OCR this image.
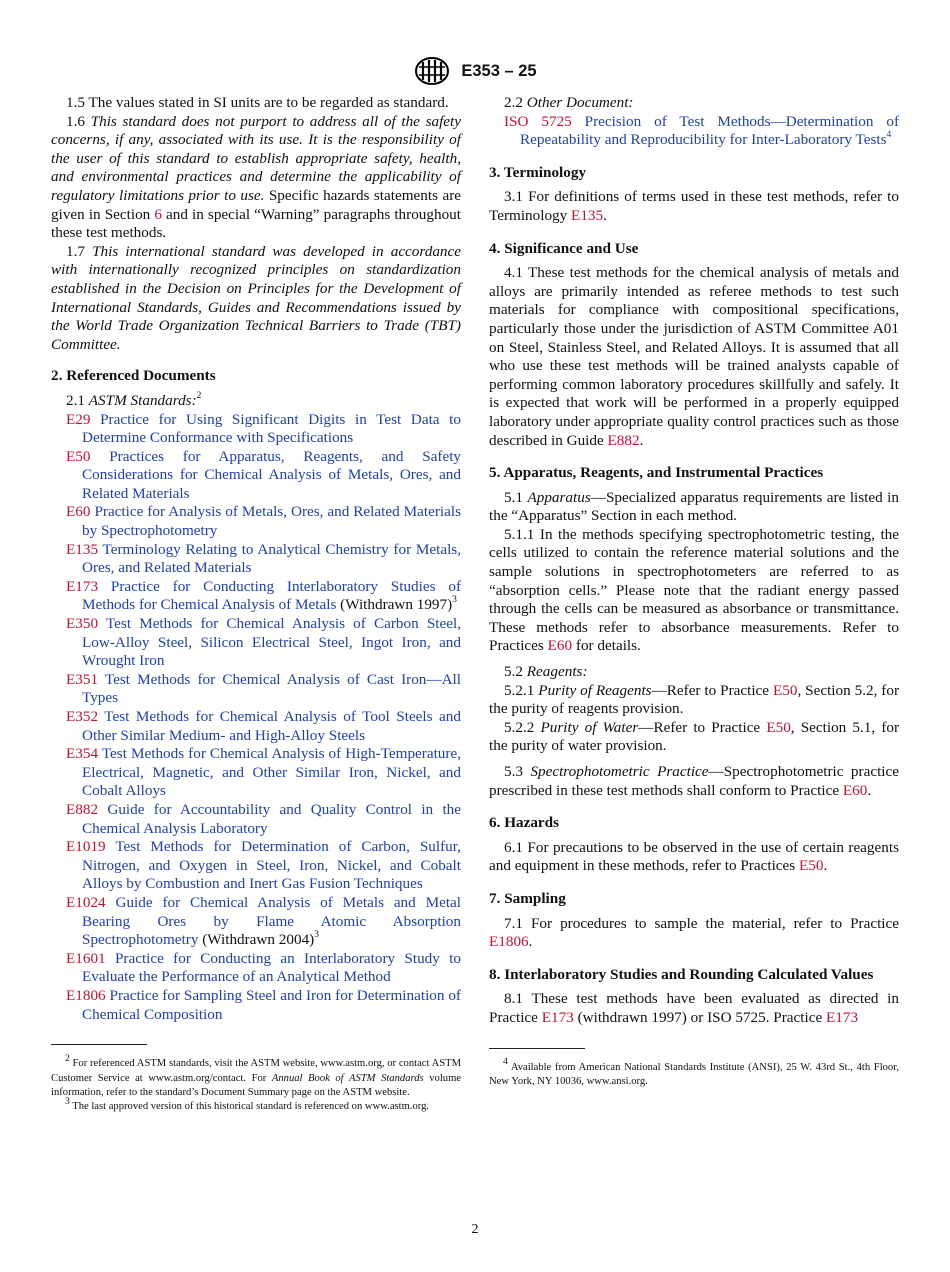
E353 – 25

1.5 The values stated in SI units are to be regarded as standard.

1.6 This standard does not purport to address all of the safety concerns, if any, associated with its use. It is the responsibility of the user of this standard to establish appropriate safety, health, and environmental practices and determine the applicability of regulatory limitations prior to use. Specific hazards statements are given in Section 6 and in special “Warning” paragraphs throughout these test methods.

1.7 This international standard was developed in accordance with internationally recognized principles on standardization established in the Decision on Principles for the Development of International Standards, Guides and Recommendations issued by the World Trade Organization Technical Barriers to Trade (TBT) Committee.

2. Referenced Documents

2.1 ASTM Standards:$^2$

E29 Practice for Using Significant Digits in Test Data to Determine Conformance with Specifications

E50 Practices for Apparatus, Reagents, and Safety Considerations for Chemical Analysis of Metals, Ores, and Related Materials

E60 Practice for Analysis of Metals, Ores, and Related Materials by Spectrophotometry

E135 Terminology Relating to Analytical Chemistry for Metals, Ores, and Related Materials

E173 Practice for Conducting Interlaboratory Studies of Methods for Chemical Analysis of Metals (Withdrawn 1997)$^3$

E350 Test Methods for Chemical Analysis of Carbon Steel, Low-Alloy Steel, Silicon Electrical Steel, Ingot Iron, and Wrought Iron

E351 Test Methods for Chemical Analysis of Cast Iron—All Types

E352 Test Methods for Chemical Analysis of Tool Steels and Other Similar Medium- and High-Alloy Steels

E354 Test Methods for Chemical Analysis of High-Temperature, Electrical, Magnetic, and Other Similar Iron, Nickel, and Cobalt Alloys

E882 Guide for Accountability and Quality Control in the Chemical Analysis Laboratory

E1019 Test Methods for Determination of Carbon, Sulfur, Nitrogen, and Oxygen in Steel, Iron, Nickel, and Cobalt Alloys by Combustion and Inert Gas Fusion Techniques

E1024 Guide for Chemical Analysis of Metals and Metal Bearing Ores by Flame Atomic Absorption Spectrophotometry (Withdrawn 2004)$^3$

E1601 Practice for Conducting an Interlaboratory Study to Evaluate the Performance of an Analytical Method

E1806 Practice for Sampling Steel and Iron for Determination of Chemical Composition

$^2$ For referenced ASTM standards, visit the ASTM website, www.astm.org, or contact ASTM Customer Service at www.astm.org/contact. For Annual Book of ASTM Standards volume information, refer to the standard’s Document Summary page on the ASTM website.

$^3$ The last approved version of this historical standard is referenced on www.astm.org.

2.2 Other Document:

ISO 5725 Precision of Test Methods—Determination of Repeatability and Reproducibility for Inter-Laboratory Tests$^4$

3. Terminology

3.1 For definitions of terms used in these test methods, refer to Terminology E135.

4. Significance and Use

4.1 These test methods for the chemical analysis of metals and alloys are primarily intended as referee methods to test such materials for compliance with compositional specifications, particularly those under the jurisdiction of ASTM Committee A01 on Steel, Stainless Steel, and Related Alloys. It is assumed that all who use these test methods will be trained analysts capable of performing common laboratory procedures skillfully and safely. It is expected that work will be performed in a properly equipped laboratory under appropriate quality control practices such as those described in Guide E882.

5. Apparatus, Reagents, and Instrumental Practices

5.1 Apparatus—Specialized apparatus requirements are listed in the “Apparatus” Section in each method.

5.1.1 In the methods specifying spectrophotometric testing, the cells utilized to contain the reference material solutions and the sample solutions in spectrophotometers are referred to as “absorption cells.” Please note that the radiant energy passed through the cells can be measured as absorbance or transmittance. These methods refer to absorbance measurements. Refer to Practices E60 for details.

5.2 Reagents:

5.2.1 Purity of Reagents—Refer to Practice E50, Section 5.2, for the purity of reagents provision.

5.2.2 Purity of Water—Refer to Practice E50, Section 5.1, for the purity of water provision.

5.3 Spectrophotometric Practice—Spectrophotometric practice prescribed in these test methods shall conform to Practice E60.

6. Hazards

6.1 For precautions to be observed in the use of certain reagents and equipment in these methods, refer to Practices E50.

7. Sampling

7.1 For procedures to sample the material, refer to Practice E1806.

8. Interlaboratory Studies and Rounding Calculated Values

8.1 These test methods have been evaluated as directed in Practice E173 (withdrawn 1997) or ISO 5725. Practice E173

$^4$ Available from American National Standards Institute (ANSI), 25 W. 43rd St., 4th Floor, New York, NY 10036, www.ansi.org.

2
